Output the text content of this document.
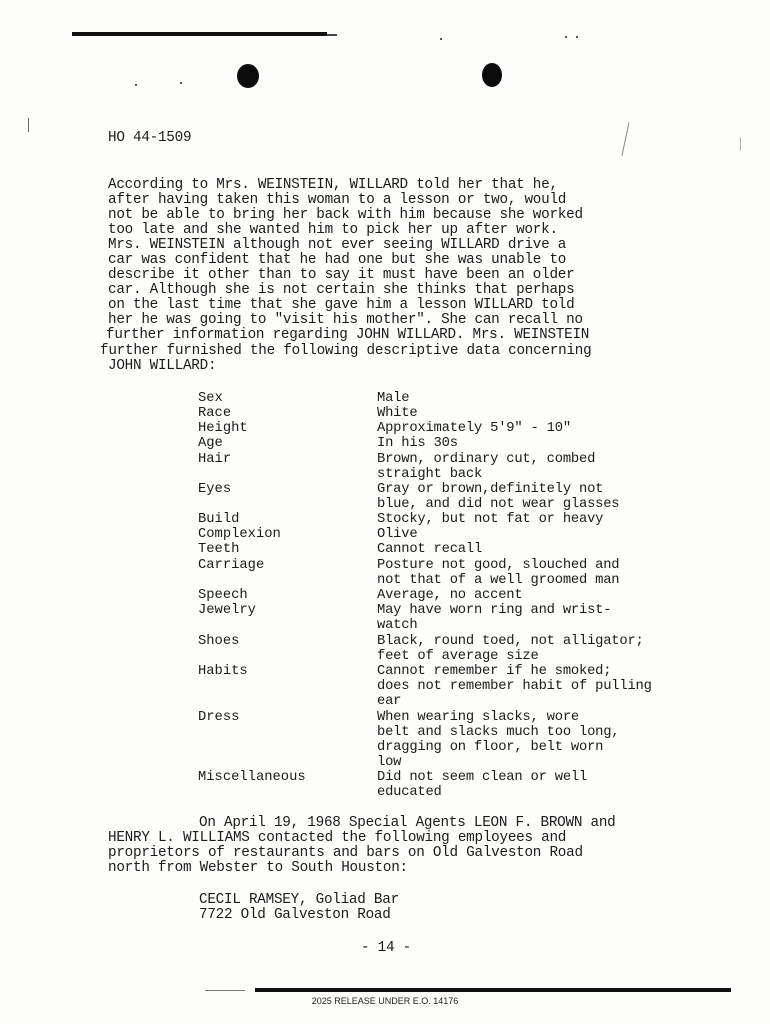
HO 44-1509
According to Mrs. WEINSTEIN, WILLARD told her that he,
after having taken this woman to a lesson or two, would
not be able to bring her back with him because she worked
too late and she wanted him to pick her up after work.
Mrs. WEINSTEIN although not ever seeing WILLARD drive a
car was confident that he had one but she was unable to
describe it other than to say it must have been an older
car. Although she is not certain she thinks that perhaps
on the last time that she gave him a lesson WILLARD told
her he was going to "visit his mother". She can recall no
further information regarding JOHN WILLARD. Mrs. WEINSTEIN
further furnished the following descriptive data concerning
JOHN WILLARD:
Sex	Male
Race	White
Height	Approximately 5'9" - 10"
Age	In his 30s
Hair	Brown, ordinary cut, combed
straight back
Eyes	Gray or brown,definitely not
blue, and did not wear glasses
Build	Stocky, but not fat or heavy
Complexion	Olive
Teeth	Cannot recall
Carriage	Posture not good, slouched and
not that of a well groomed man
Speech	Average, no accent
Jewelry	May have worn ring and wrist-
watch
Shoes	Black, round toed, not alligator;
feet of average size
Habits	Cannot remember if he smoked;
does not remember habit of pulling
ear
Dress	When wearing slacks, wore
belt and slacks much too long,
dragging on floor, belt worn
low
Miscellaneous	Did not seem clean or well
educated
On April 19, 1968 Special Agents LEON F. BROWN and
HENRY L. WILLIAMS contacted the following employees and
proprietors of restaurants and bars on Old Galveston Road
north from Webster to South Houston:
CECIL RAMSEY, Goliad Bar
7722 Old Galveston Road
- 14 -
2025 RELEASE UNDER E.O. 14176
